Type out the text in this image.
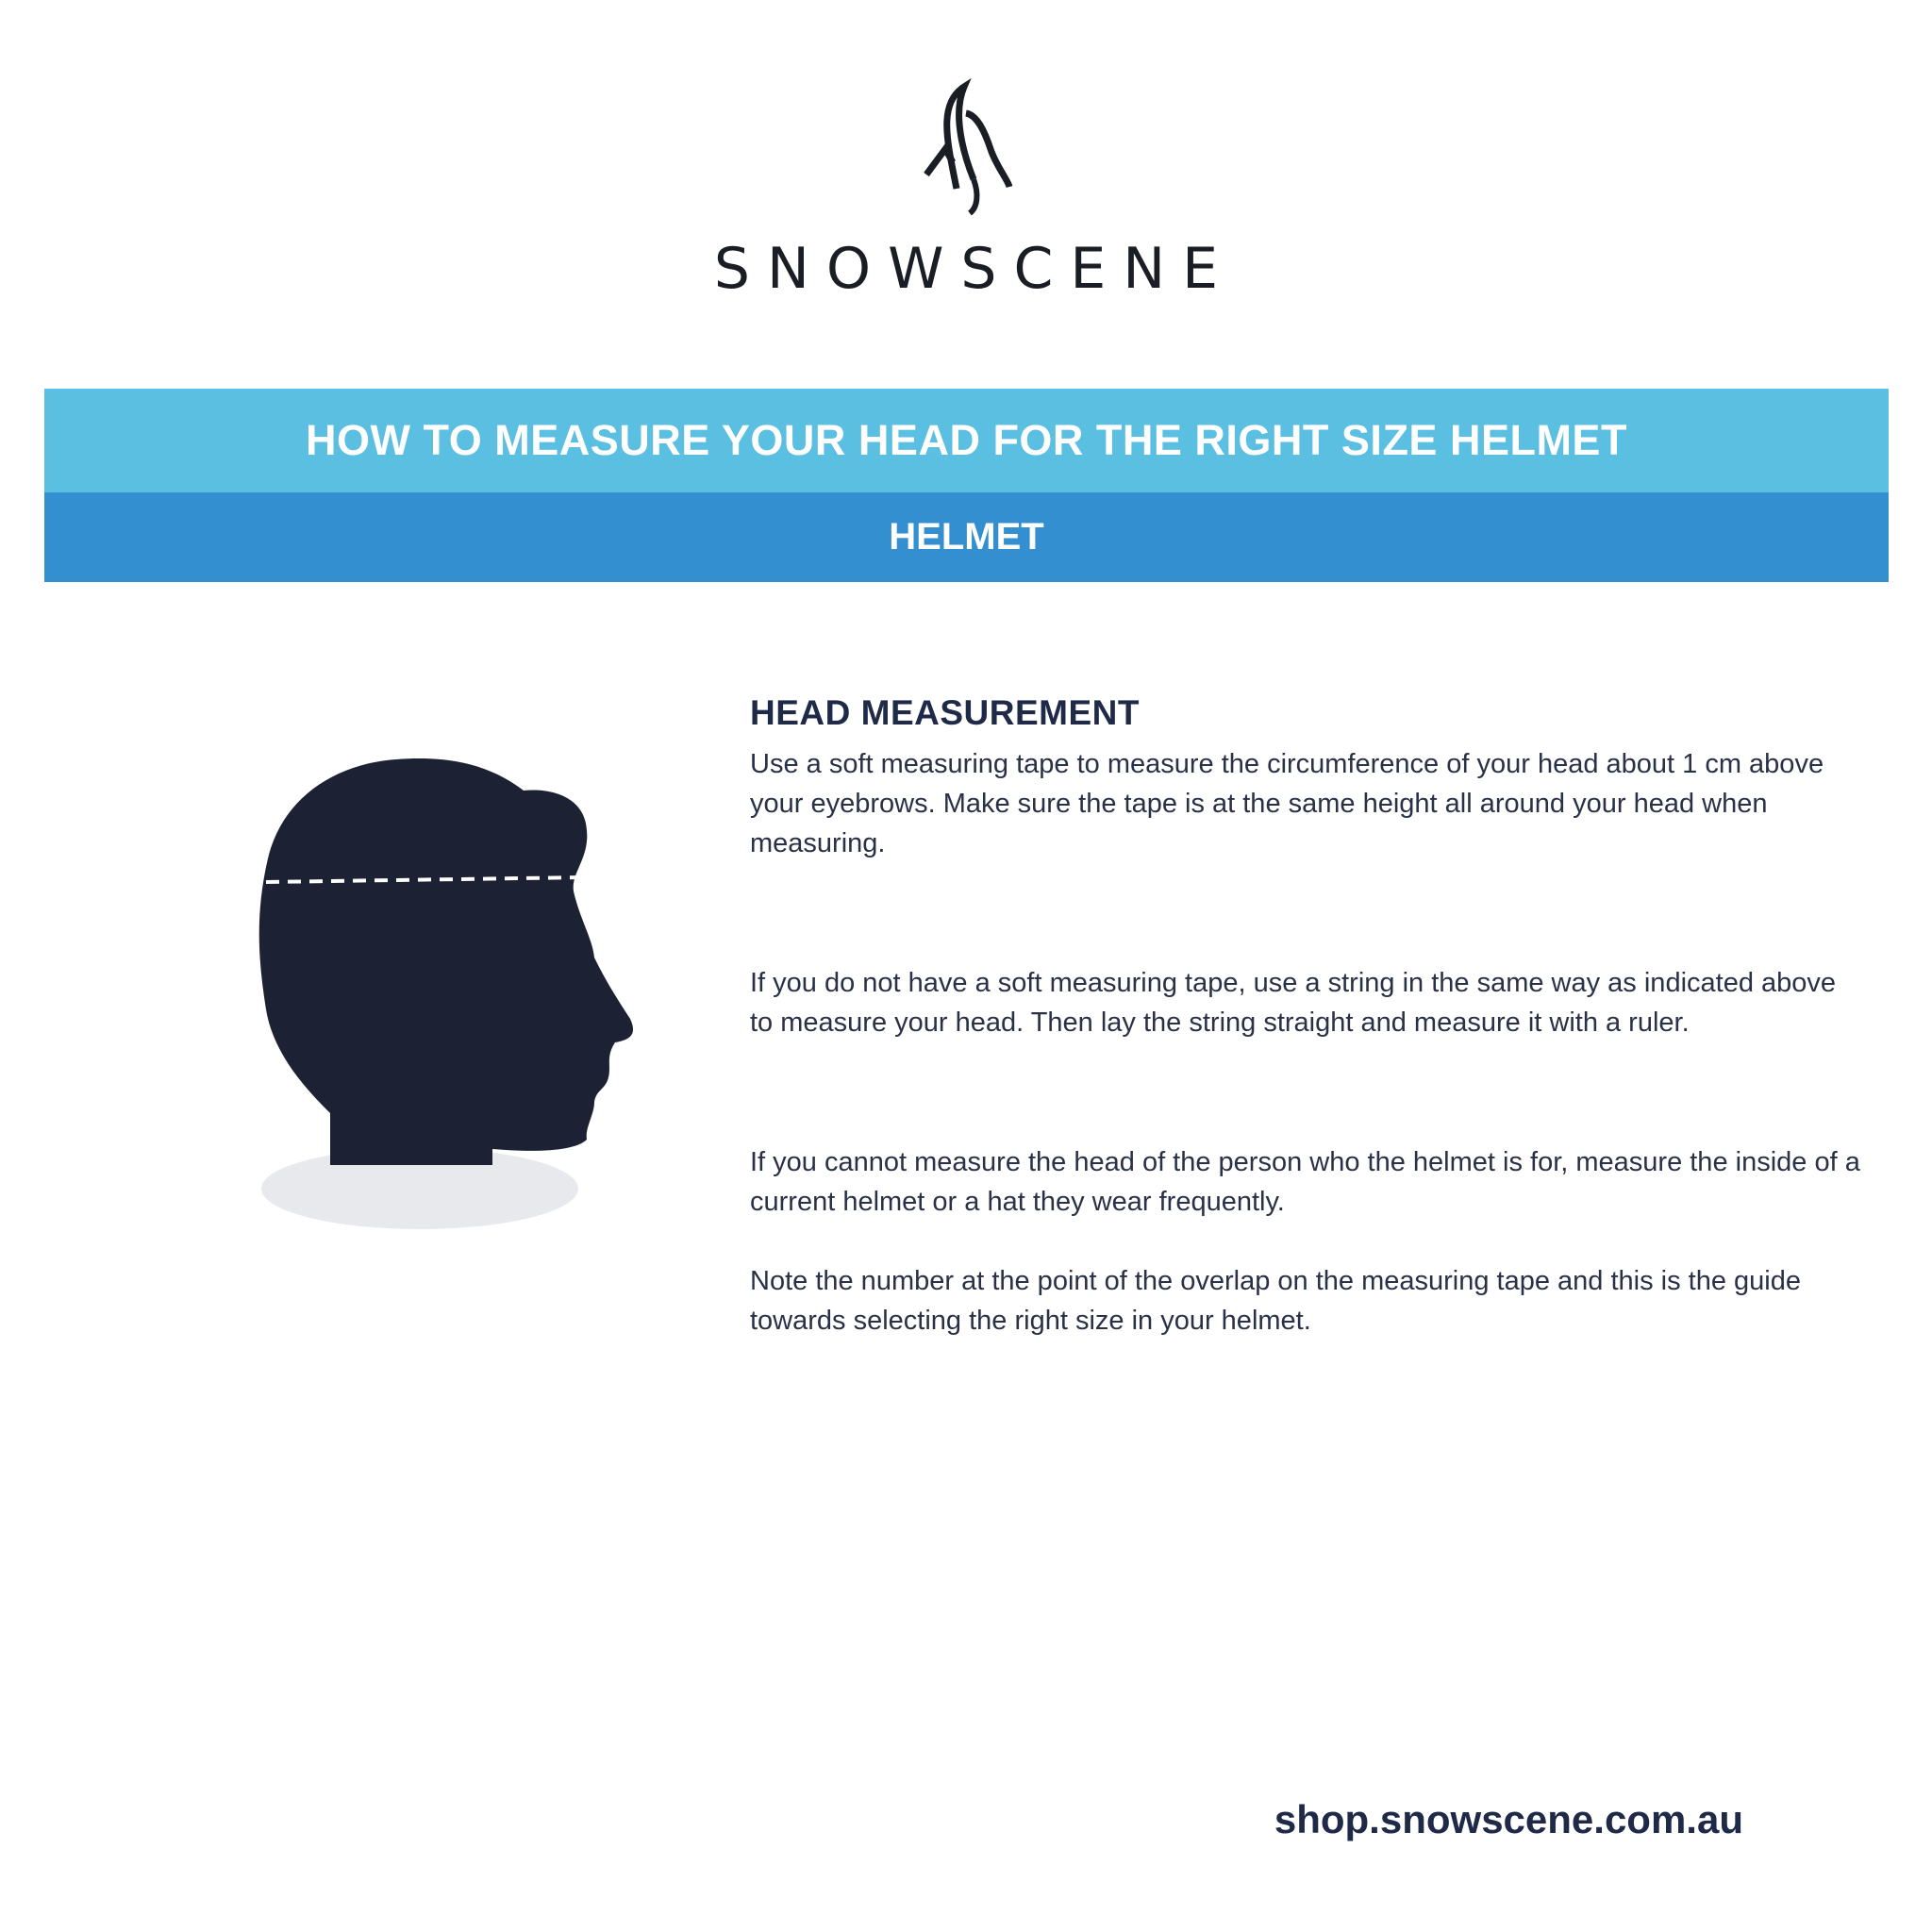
SNOWSCENE
HOW TO MEASURE YOUR HEAD FOR THE RIGHT SIZE HELMET
HELMET
HEAD MEASUREMENT

Use a soft measuring tape to measure the circumference of your head about 1 cm above your eyebrows. Make sure the tape is at the same height all around your head when measuring.

If you do not have a soft measuring tape, use a string in the same way as indicated above to measure your head. Then lay the string straight and measure it with a ruler.

If you cannot measure the head of the person who the helmet is for, measure the inside of a current helmet or a hat they wear frequently.

Note the number at the point of the overlap on the measuring tape and this is the guide towards selecting the right size in your helmet.

shop.snowscene.com.au
